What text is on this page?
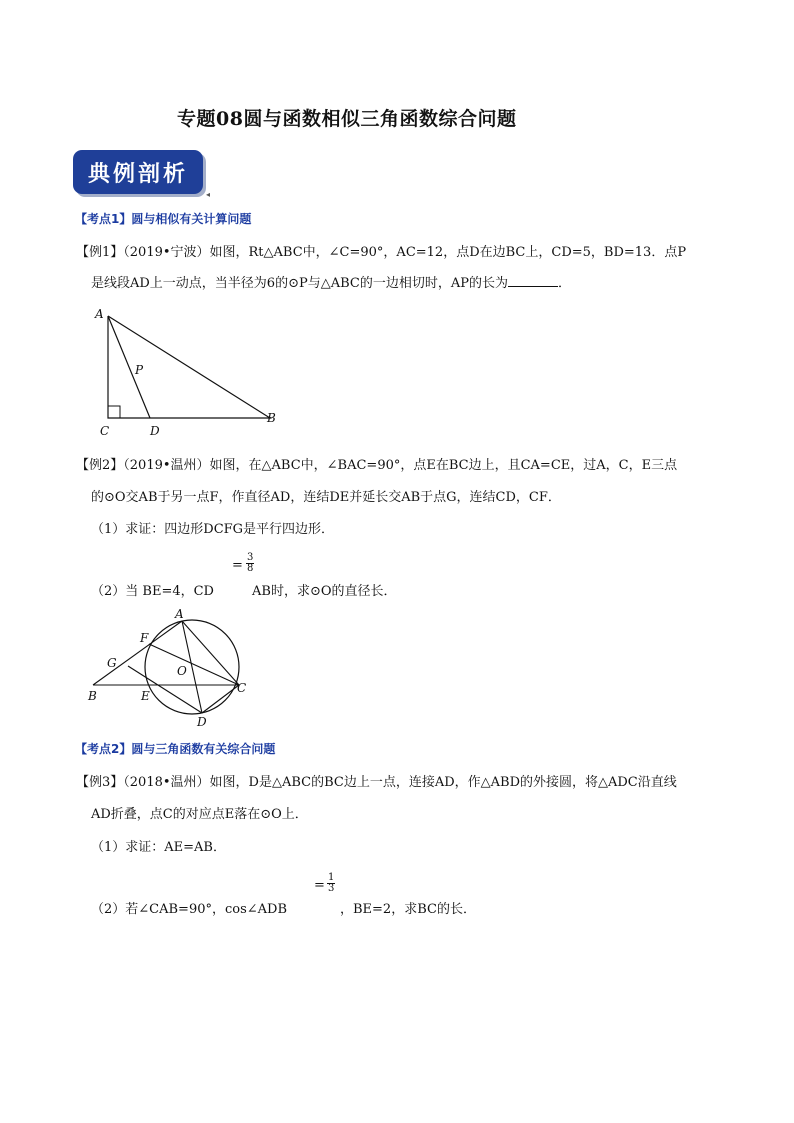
专题08圆与函数相似三角函数综合问题
典例剖析
◂
【考点1】圆与相似有关计算问题
【例1】（2019•宁波）如图，Rt△ABC中，∠C=90°，AC=12，点D在边BC上，CD=5，BD=13．点P
是线段AD上一动点，当半径为6的⊙P与△ABC的一边相切时，AP的长为	．
A
P
C	D
B
【例2】（2019•温州）如图，在△ABC中，∠BAC=90°，点E在BC边上，且CA=CE，过A，C，E三点
的⊙O交AB于另一点F，作直径AD，连结DE并延长交AB于点G，连结CD，CF．
（1）求证：四边形DCFG是平行四边形．
（2）当 BE=4，CD
= $\frac{3}{8}$
AB时，求⊙O的直径长．
A
F
G
O
B	E
C
D
【考点2】圆与三角函数有关综合问题
【例3】（2018•温州）如图，D是△ABC的BC边上一点，连接AD，作△ABD的外接圆，将△ADC沿直线
AD折叠，点C的对应点E落在⊙O上．
（1）求证：AE=AB．
（2）若∠CAB=90°，cos∠ADB
= $\frac{1}{3}$
，BE=2，求BC的长．
